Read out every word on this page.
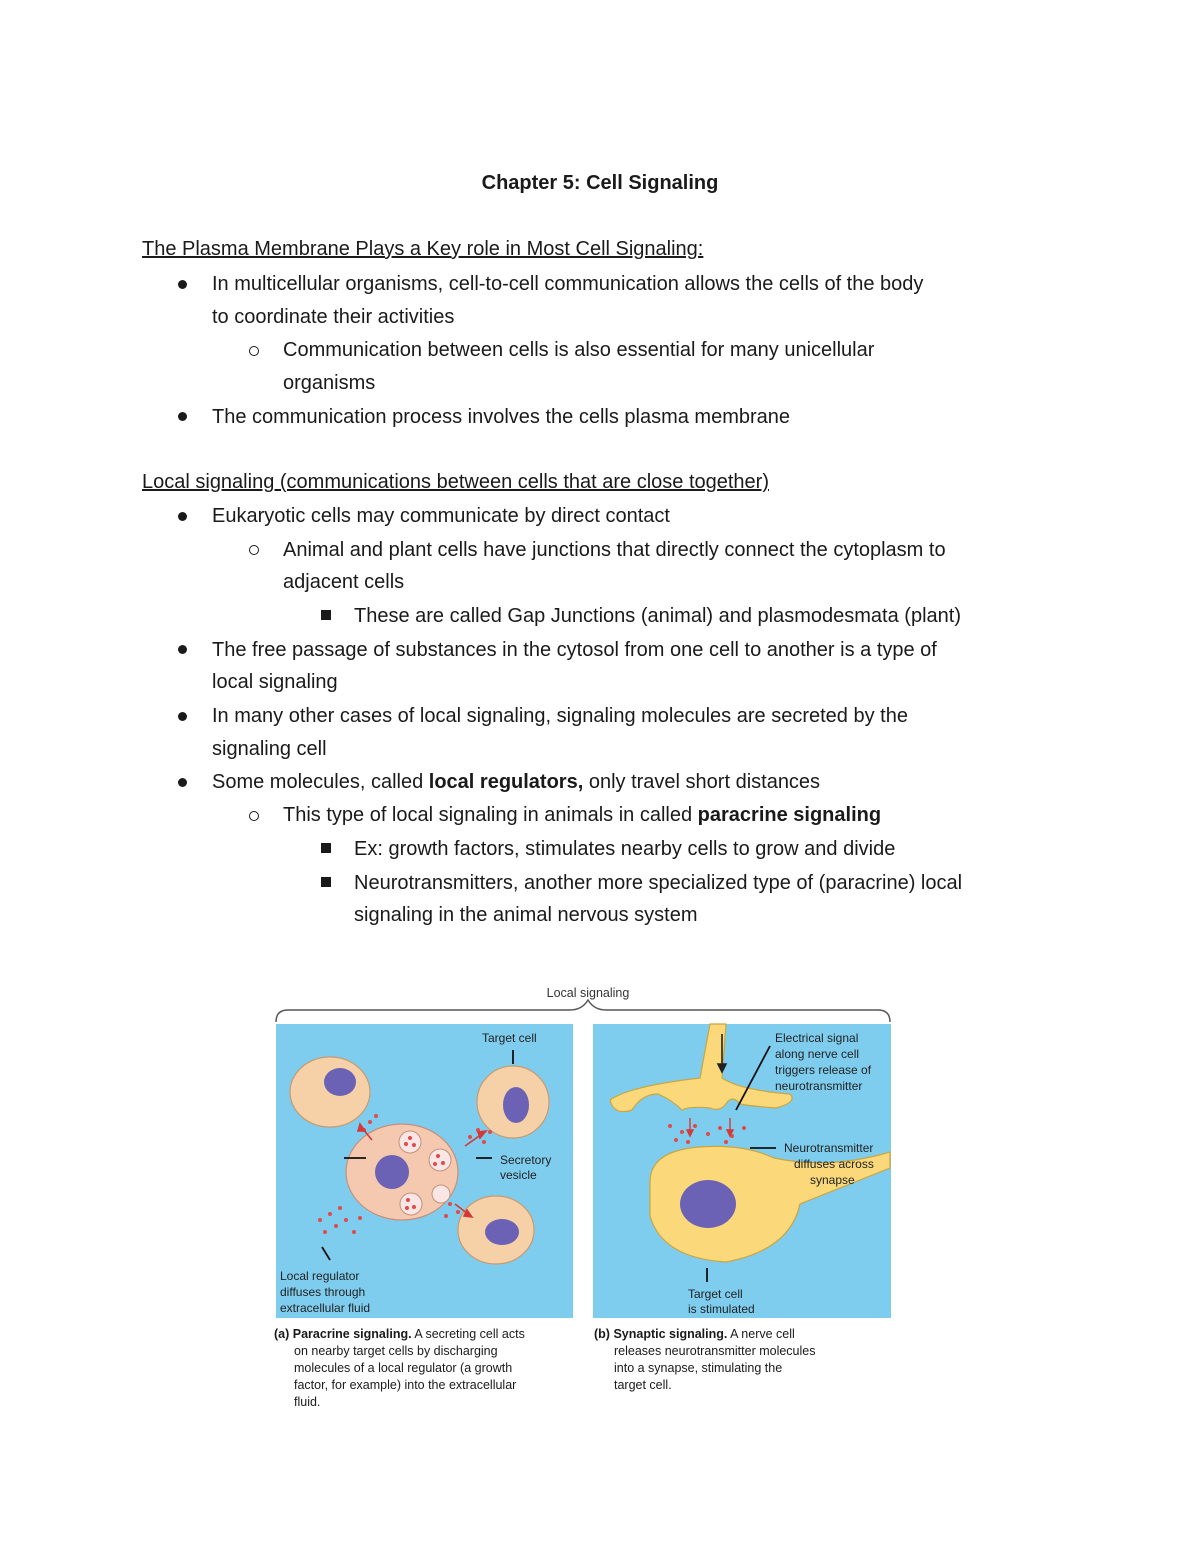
Chapter 5: Cell Signaling
The Plasma Membrane Plays a Key role in Most Cell Signaling:
In multicellular organisms, cell-to-cell communication allows the cells of the body
to coordinate their activities
Communication between cells is also essential for many unicellular
organisms
The communication process involves the cells plasma membrane
Local signaling (communications between cells that are close together)
Eukaryotic cells may communicate by direct contact
Animal and plant cells have junctions that directly connect the cytoplasm to
adjacent cells
These are called Gap Junctions (animal) and plasmodesmata (plant)
The free passage of substances in the cytosol from one cell to another is a type of
local signaling
In many other cases of local signaling, signaling molecules are secreted by the
signaling cell
Some molecules, called local regulators, only travel short distances
This type of local signaling in animals in called paracrine signaling
Ex: growth factors, stimulates nearby cells to grow and divide
Neurotransmitters, another more specialized type of (paracrine) local
signaling in the animal nervous system
Local signaling
Target cell
Secretory
vesicle
Local regulator
diffuses through
extracellular fluid
Electrical signal
along nerve cell
triggers release of
neurotransmitter
Neurotransmitter
diffuses across
synapse
Target cell
is stimulated
(a) Paracrine signaling. A secreting cell acts
on nearby target cells by discharging
molecules of a local regulator (a growth
factor, for example) into the extracellular
fluid.
(b) Synaptic signaling. A nerve cell
releases neurotransmitter molecules
into a synapse, stimulating the
target cell.
